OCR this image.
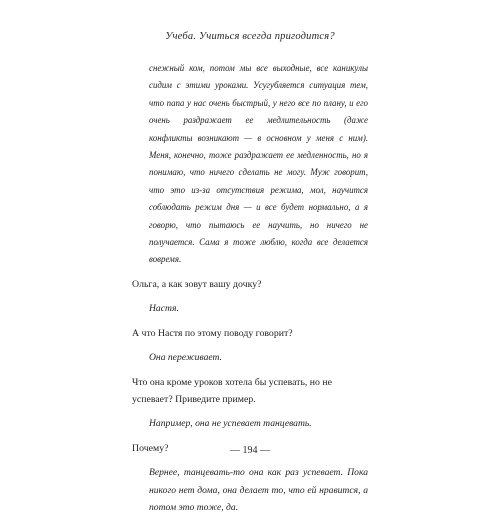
Учеба. Учиться всегда пригодится?

снежный ком, потом мы все выходные, все каникулы сидим с этими уроками. Усугубляется ситуация тем, что папа у нас очень быстрый, у него все по плану, и его очень раздражает ее медлительность (даже конфликты возникают — в основном у меня с ним). Меня, конечно, тоже раздражает ее медленность, но я понимаю, что ничего сделать не могу. Муж говорит, что это из-за отсутствия режима, мол, научится соблюдать режим дня — и все будет нормально, а я говорю, что пытаюсь ее научить, но ничего не получается. Сама я тоже люблю, когда все делается вовремя.

Ольга, а как зовут вашу дочку?

Настя.

А что Настя по этому поводу говорит?

Она переживает.

Что она кроме уроков хотела бы успевать, но не успевает? Приведите пример.

Например, она не успевает танцевать.

Почему?

Вернее, танцевать-то она как раз успевает. Пока никого нет дома, она делает то, что ей нравится, а потом это тоже, да.

— 194 —
